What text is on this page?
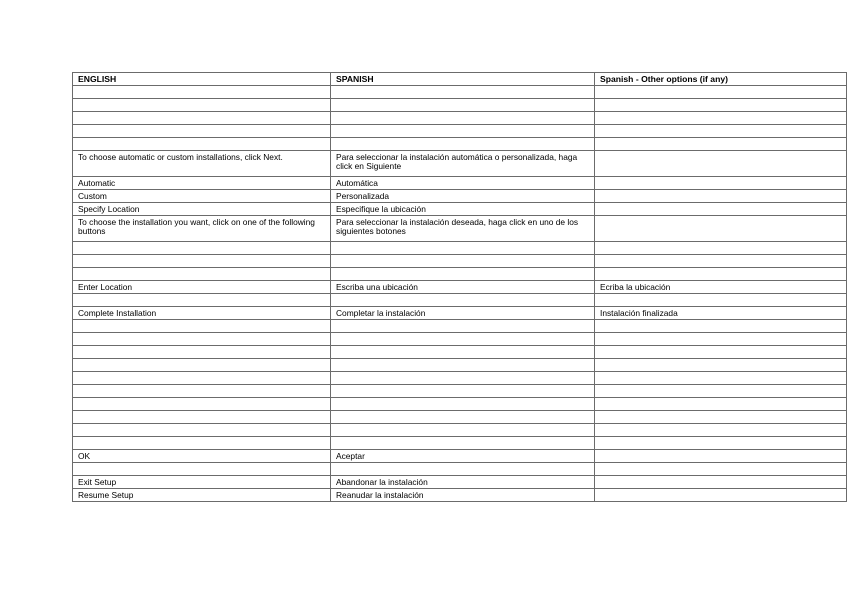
ENGLISH	SPANISH	Spanish - Other options (if any)

To choose automatic or custom installations, click Next.	Para seleccionar la instalación automática o personalizada, haga click en Siguiente	
Automatic	Automática	
Custom	Personalizada	
Specify Location	Especifique la ubicación	
To choose the installation you want, click on one of the following buttons	Para seleccionar la instalación deseada, haga click en uno de los siguientes botones	

Enter Location	Escriba una ubicación	Ecriba la ubicación

Complete Installation	Completar la instalación	Instalación finalizada

OK	Aceptar	

Exit Setup	Abandonar la instalación	
Resume Setup	Reanudar la instalación	
